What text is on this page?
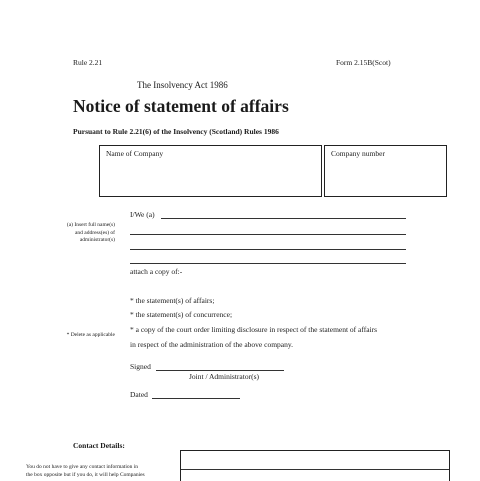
Rule 2.21	Form 2.15B(Scot)
The Insolvency Act 1986
Notice of statement of affairs
Pursuant to Rule 2.21(6) of the Insolvency (Scotland) Rules 1986
Name of Company	Company number
(a) Insert full name(s)
and address(es) of
administrator(s)
* Delete as applicable
I/We (a)
attach a copy of:-
* the statement(s) of affairs;
* the statement(s) of concurrence;
* a copy of the court order limiting disclosure in respect of the statement of affairs
in respect of the administration of the above company.
Signed
Joint / Administrator(s)
Dated
Contact Details:
You do not have to give any contact information in
the box opposite but if you do, it will help Companies
